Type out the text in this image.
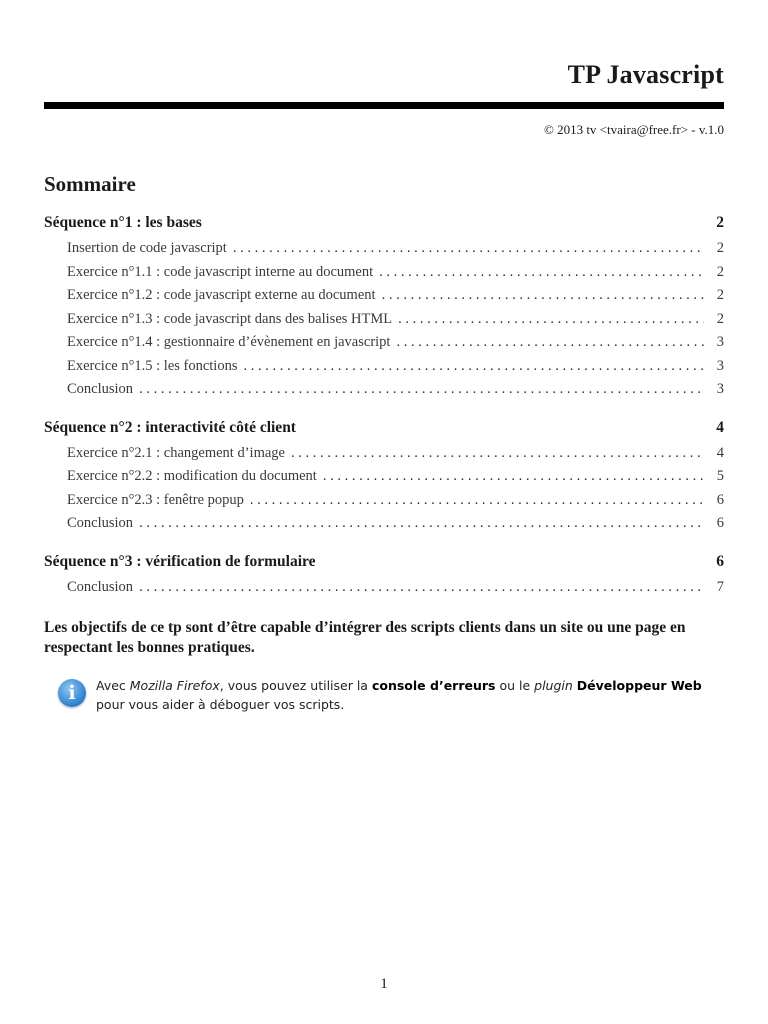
TP Javascript
© 2013 tv <tvaira@free.fr> - v.1.0
Sommaire
Séquence n°1 : les bases	2
Insertion de code javascript . . .	2
Exercice n°1.1 : code javascript interne au document . . .	2
Exercice n°1.2 : code javascript externe au document . . .	2
Exercice n°1.3 : code javascript dans des balises HTML . . .	2
Exercice n°1.4 : gestionnaire d’évènement en javascript . . .	3
Exercice n°1.5 : les fonctions . . .	3
Conclusion . . .	3
Séquence n°2 : interactivité côté client	4
Exercice n°2.1 : changement d’image . . .	4
Exercice n°2.2 : modification du document . . .	5
Exercice n°2.3 : fenêtre popup . . .	6
Conclusion . . .	6
Séquence n°3 : vérification de formulaire	6
Conclusion . . .	7
Les objectifs de ce tp sont d’être capable d’intégrer des scripts clients dans un site ou une page en respectant les bonnes pratiques.
i	Avec Mozilla Firefox, vous pouvez utiliser la console d’erreurs ou le plugin Développeur Web pour vous aider à déboguer vos scripts.
1
